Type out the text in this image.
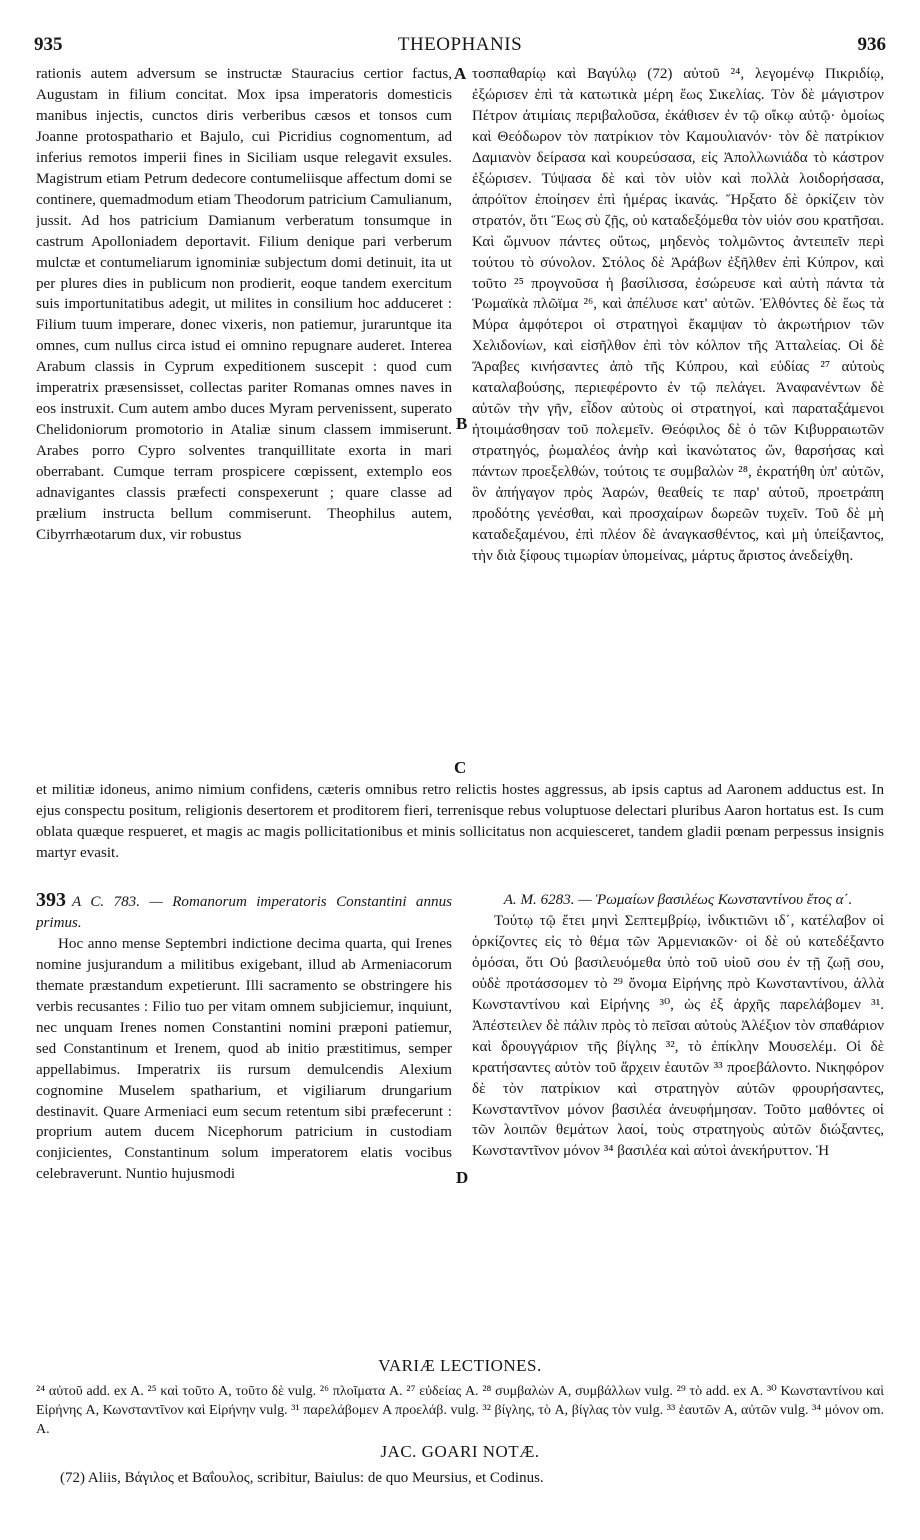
935	THEOPHANIS	936

rationis autem adversum se instructæ Stauracius certior factus, Augustam in filium concitat. Mox ipsa imperatoris domesticis manibus injectis, cunctos diris verberibus cæsos et tonsos cum Joanne protospathario et Bajulo, cui Picridius cognomentum, ad inferius remotos imperii fines in Siciliam usque relegavit exsules. Magistrum etiam Petrum dedecore contumeliisque affectum domi se continere, quemadmodum etiam Theodorum patricium Camulianum, jussit. Ad hos patricium Damianum verberatum tonsumque in castrum Apolloniadem deportavit. Filium denique pari verberum mulctæ et contumeliarum ignominiæ subjectum domi detinuit, ita ut per plures dies in publicum non prodierit, eoque tandem exercitum suis importunitatibus adegit, ut milites in consilium hoc adduceret : Filium tuum imperare, donec vixeris, non patiemur, juraruntque ita omnes, cum nullus circa istud ei omnino repugnare auderet. Interea Arabum classis in Cyprum expeditionem suscepit : quod cum imperatrix præsensisset, collectas pariter Romanas omnes naves in eos instruxit. Cum autem ambo duces Myram pervenissent, superato Chelidoniorum promotorio in Ataliæ sinum classem immiserunt. Arabes porro Cypro solventes tranquillitate exorta in mari oberrabant. Cumque terram prospicere cœpissent, extemplo eos adnavigantes classis præfecti conspexerunt ; quare classe ad prælium instructa bellum commiserunt. Theophilus autem, Cibyrrhæotarum dux, vir robustus

τοσπαθαρίῳ καὶ Βαγύλῳ (72) αὐτοῦ ²⁴, λεγομένῳ Πικριδίῳ, ἐξώρισεν ἐπὶ τὰ κατωτικὰ μέρη ἕως Σικελίας. Τὸν δὲ μάγιστρον Πέτρον ἀτιμίαις περιβαλοῦσα, ἐκάθισεν ἐν τῷ οἴκῳ αὐτῷ· ὁμοίως καὶ Θεόδωρον τὸν πατρίκιον τὸν Καμουλιανόν· τὸν δὲ πατρίκιον Δαμιανὸν δείρασα καὶ κουρεύσασα, εἰς Ἀπολλωνιάδα τὸ κάστρον ἐξώρισεν. Τύψασα δὲ καὶ τὸν υἱὸν καὶ πολλὰ λοιδορήσασα, ἀπρόϊτον ἐποίησεν ἐπὶ ἡμέρας ἱκανάς. Ἤρξατο δὲ ὁρκίζειν τὸν στρατόν, ὅτι Ἕως σὺ ζῇς, οὐ καταδεξόμεθα τὸν υἱόν σου κρατῆσαι. Καὶ ὤμνυον πάντες οὕτως, μηδενὸς τολμῶντος ἀντειπεῖν περὶ τούτου τὸ σύνολον. Στόλος δὲ Ἀράβων ἐξῆλθεν ἐπὶ Κύπρον, καὶ τοῦτο ²⁵ προγνοῦσα ἡ βασίλισσα, ἐσώρευσε καὶ αὐτὴ πάντα τὰ Ῥωμαϊκὰ πλῶϊμα ²⁶, καὶ ἀπέλυσε κατ' αὐτῶν. Ἐλθόντες δὲ ἕως τὰ Μύρα ἀμφότεροι οἱ στρατηγοὶ ἔκαμψαν τὸ ἀκρωτήριον τῶν Χελιδονίων, καὶ εἰσῆλθον ἐπὶ τὸν κόλπον τῆς Ἀτταλείας. Οἱ δὲ Ἄραβες κινήσαντες ἀπὸ τῆς Κύπρου, καὶ εὐδίας ²⁷ αὐτοὺς καταλαβούσης, περιεφέροντο ἐν τῷ πελάγει. Ἀναφανέντων δὲ αὐτῶν τὴν γῆν, εἶδον αὐτοὺς οἱ στρατηγοί, καὶ παραταξάμενοι ἠτοιμάσθησαν τοῦ πολεμεῖν. Θεόφιλος δὲ ὁ τῶν Κιβυρραιωτῶν στρατηγός, ῥωμαλέος ἀνὴρ καὶ ἱκανώτατος ὤν, θαρσήσας καὶ πάντων προεξελθών, τούτοις τε συμβαλὼν ²⁸, ἐκρατήθη ὑπ' αὐτῶν, ὃν ἀπήγαγον πρὸς Ἀαρών, θεαθείς τε παρ' αὐτοῦ, προετράπη προδότης γενέσθαι, καὶ προσχαίρων δωρεῶν τυχεῖν. Τοῦ δὲ μὴ καταδεξαμένου, ἐπὶ πλέον δὲ ἀναγκασθέντος, καὶ μὴ ὑπείξαντος, τὴν διὰ ξίφους τιμωρίαν ὑπομείνας, μάρτυς ἄριστος ἀνεδείχθη.

A
B
C
D

et militiæ idoneus, animo nimium confidens, cæteris omnibus retro relictis hostes aggressus, ab ipsis captus ad Aaronem adductus est. In ejus conspectu positum, religionis desertorem et proditorem fieri, terrenisque rebus voluptuose delectari pluribus Aaron hortatus est. Is cum oblata quæque respueret, et magis ac magis pollicitationibus et minis sollicitatus non acquiesceret, tandem gladii pœnam perpessus insignis martyr evasit.

393 A C. 783. — Romanorum imperatoris Constantini annus primus.

Hoc anno mense Septembri indictione decima quarta, qui Irenes nomine jusjurandum a militibus exigebant, illud ab Armeniacorum themate præstandum expetierunt. Illi sacramento se obstringere his verbis recusantes : Filio tuo per vitam omnem subjiciemur, inquiunt, nec unquam Irenes nomen Constantini nomini præponi patiemur, sed Constantinum et Irenem, quod ab initio præstitimus, semper appellabimus. Imperatrix iis rursum demulcendis Alexium cognomine Muselem spatharium, et vigiliarum drungarium destinavit. Quare Armeniaci eum secum retentum sibi præfecerunt : proprium autem ducem Nicephorum patricium in custodiam conjicientes, Constantinum solum imperatorem elatis vocibus celebraverunt. Nuntio hujusmodi

A. M. 6283. — Ῥωμαίων βασιλέως Κωνσταντίνου ἔτος α΄.

Τούτῳ τῷ ἔτει μηνὶ Σεπτεμβρίῳ, ἰνδικτιῶνι ιδ΄, κατέλαβον οἱ ὁρκίζοντες εἰς τὸ θέμα τῶν Ἀρμενιακῶν· οἱ δὲ οὐ κατεδέξαντο ὀμόσαι, ὅτι Οὐ βασιλευόμεθα ὑπὸ τοῦ υἱοῦ σου ἐν τῇ ζωῇ σου, οὐδὲ προτάσσομεν τὸ ²⁹ ὄνομα Εἰρήνης πρὸ Κωνσταντίνου, ἀλλὰ Κωνσταντίνου καὶ Εἰρήνης ³⁰, ὡς ἐξ ἀρχῆς παρελάβομεν ³¹. Ἀπέστειλεν δὲ πάλιν πρὸς τὸ πεῖσαι αὐτοὺς Ἀλέξιον τὸν σπαθάριον καὶ δρουγγάριον τῆς βίγλης ³², τὸ ἐπίκλην Μουσελέμ. Οἱ δὲ κρατήσαντες αὐτὸν τοῦ ἄρχειν ἑαυτῶν ³³ προεβάλοντο. Νικηφόρον δὲ τὸν πατρίκιον καὶ στρατηγὸν αὐτῶν φρουρήσαντες, Κωνσταντῖνον μόνον βασιλέα ἀνευφήμησαν. Τοῦτο μαθόντες οἱ τῶν λοιπῶν θεμάτων λαοί, τοὺς στρατηγοὺς αὐτῶν διώξαντες, Κωνσταντῖνον μόνον ³⁴ βασιλέα καὶ αὐτοὶ ἀνεκήρυττον. Ἡ

VARIÆ LECTIONES.
²⁴ αὐτοῦ add. ex A. ²⁵ καὶ τοῦτο A, τοῦτο δὲ vulg. ²⁶ πλοῖματα A. ²⁷ εὐδείας A. ²⁸ συμβαλὼν A, συμβάλλων vulg. ²⁹ τὸ add. ex A. ³⁰ Κωνσταντίνου καὶ Εἰρήνης A, Κωνσταντῖνον καὶ Εἰρήνην vulg. ³¹ παρελάβομεν A προελάβ. vulg. ³² βίγλης, τὸ A, βίγλας τὸν vulg. ³³ ἑαυτῶν A, αὐτῶν vulg. ³⁴ μόνον om. A.
JAC. GOARI NOTÆ.
(72) Aliis, Βάγιλος et Βαΐουλος, scribitur, Baiulus: de quo Meursius, et Codinus.
